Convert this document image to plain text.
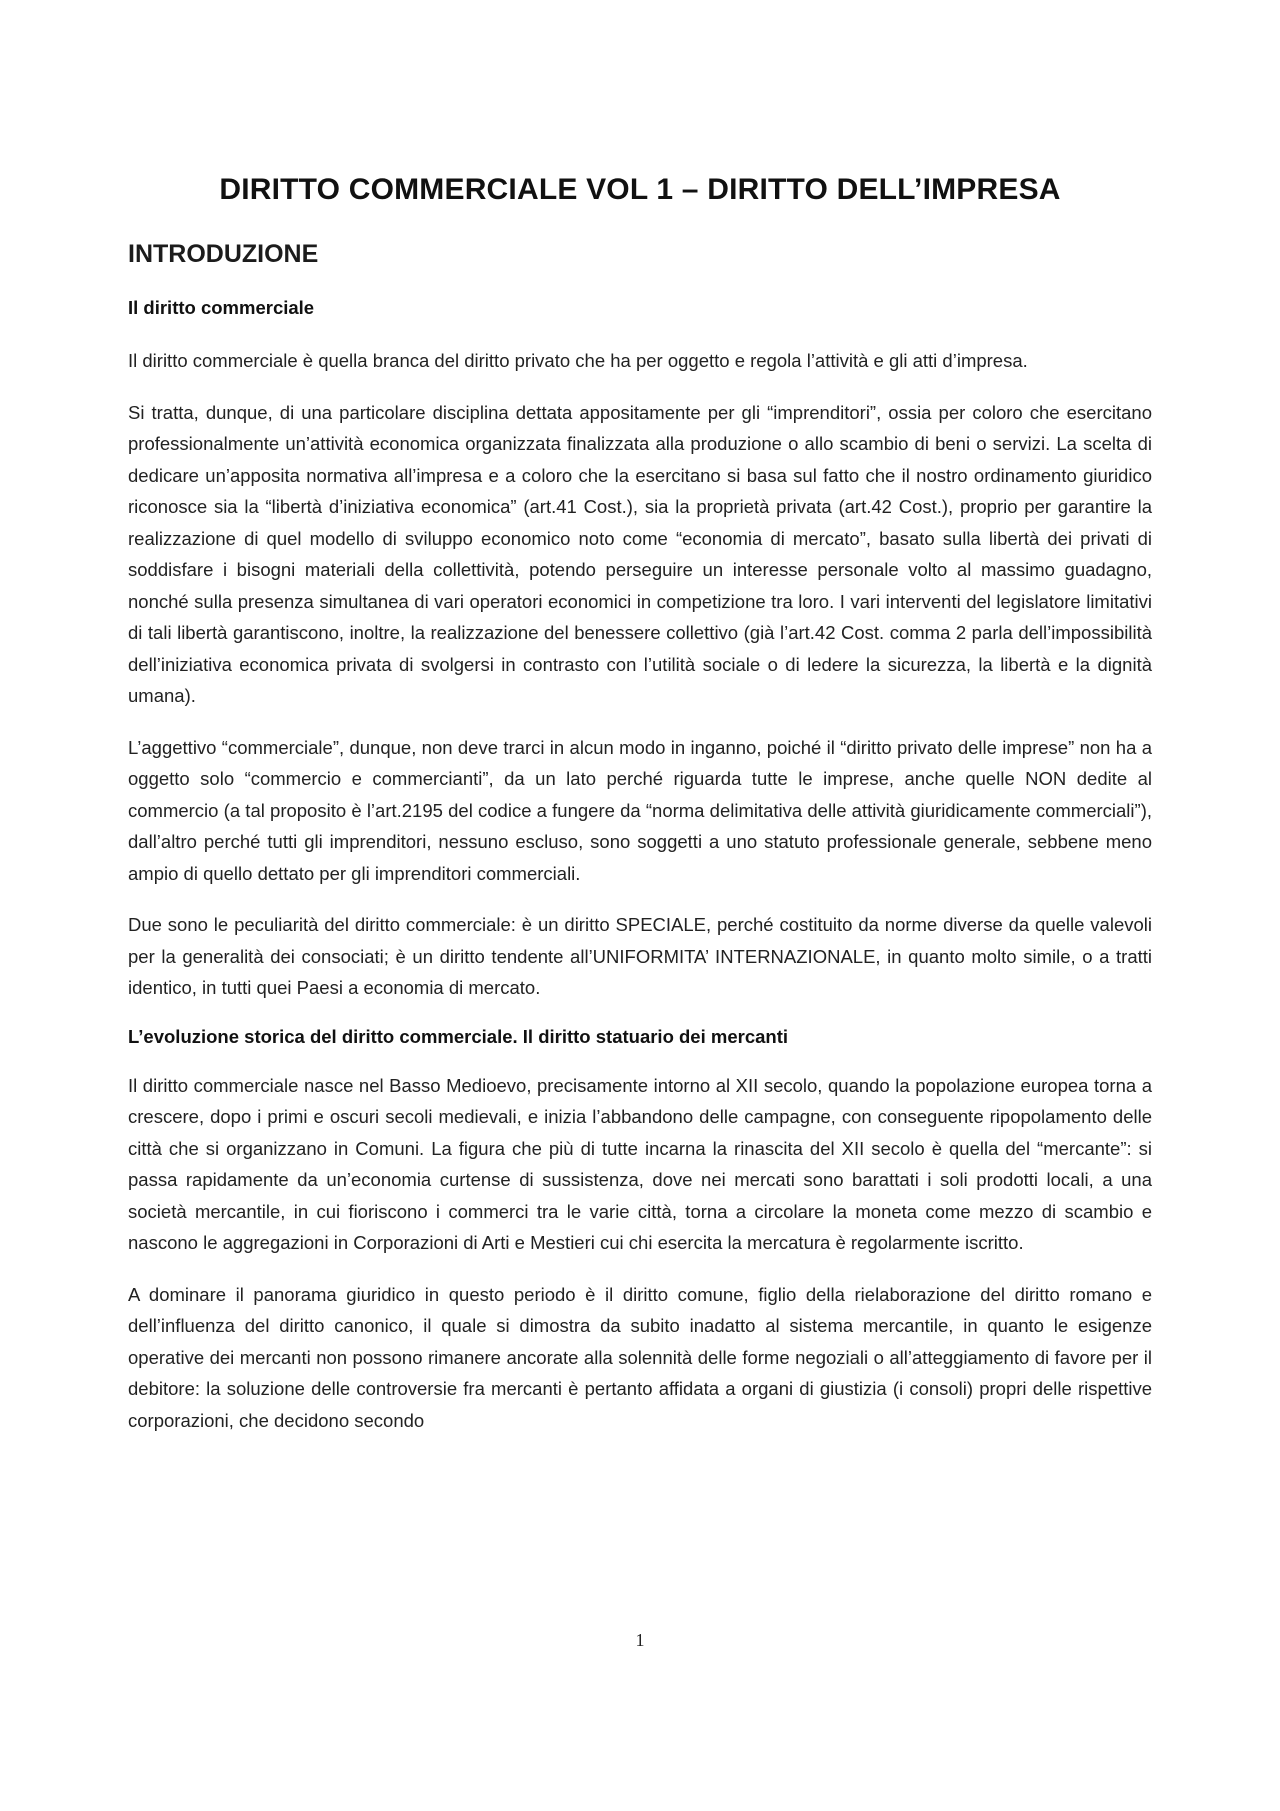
DIRITTO COMMERCIALE VOL 1 – DIRITTO DELL’IMPRESA
INTRODUZIONE
Il diritto commerciale

Il diritto commerciale è quella branca del diritto privato che ha per oggetto e regola l’attività e gli atti d’impresa.

Si tratta, dunque, di una particolare disciplina dettata appositamente per gli “imprenditori”, ossia per coloro che esercitano professionalmente un’attività economica organizzata finalizzata alla produzione o allo scambio di beni o servizi. La scelta di dedicare un’apposita normativa all’impresa e a coloro che la esercitano si basa sul fatto che il nostro ordinamento giuridico riconosce sia la “libertà d’iniziativa economica” (art.41 Cost.), sia la proprietà privata (art.42 Cost.), proprio per garantire la realizzazione di quel modello di sviluppo economico noto come “economia di mercato”, basato sulla libertà dei privati di soddisfare i bisogni materiali della collettività, potendo perseguire un interesse personale volto al massimo guadagno, nonché sulla presenza simultanea di vari operatori economici in competizione tra loro. I vari interventi del legislatore limitativi di tali libertà garantiscono, inoltre, la realizzazione del benessere collettivo (già l’art.42 Cost. comma 2 parla dell’impossibilità dell’iniziativa economica privata di svolgersi in contrasto con l’utilità sociale o di ledere la sicurezza, la libertà e la dignità umana).

L’aggettivo “commerciale”, dunque, non deve trarci in alcun modo in inganno, poiché il “diritto privato delle imprese” non ha a oggetto solo “commercio e commercianti”, da un lato perché riguarda tutte le imprese, anche quelle NON dedite al commercio (a tal proposito è l’art.2195 del codice a fungere da “norma delimitativa delle attività giuridicamente commerciali”), dall’altro perché tutti gli imprenditori, nessuno escluso, sono soggetti a uno statuto professionale generale, sebbene meno ampio di quello dettato per gli imprenditori commerciali.

Due sono le peculiarità del diritto commerciale: è un diritto SPECIALE, perché costituito da norme diverse da quelle valevoli per la generalità dei consociati; è un diritto tendente all’UNIFORMITA’ INTERNAZIONALE, in quanto molto simile, o a tratti identico, in tutti quei Paesi a economia di mercato.

L’evoluzione storica del diritto commerciale. Il diritto statuario dei mercanti

Il diritto commerciale nasce nel Basso Medioevo, precisamente intorno al XII secolo, quando la popolazione europea torna a crescere, dopo i primi e oscuri secoli medievali, e inizia l’abbandono delle campagne, con conseguente ripopolamento delle città che si organizzano in Comuni. La figura che più di tutte incarna la rinascita del XII secolo è quella del “mercante”: si passa rapidamente da un’economia curtense di sussistenza, dove nei mercati sono barattati i soli prodotti locali, a una società mercantile, in cui fioriscono i commerci tra le varie città, torna a circolare la moneta come mezzo di scambio e nascono le aggregazioni in Corporazioni di Arti e Mestieri cui chi esercita la mercatura è regolarmente iscritto.

A dominare il panorama giuridico in questo periodo è il diritto comune, figlio della rielaborazione del diritto romano e dell’influenza del diritto canonico, il quale si dimostra da subito inadatto al sistema mercantile, in quanto le esigenze operative dei mercanti non possono rimanere ancorate alla solennità delle forme negoziali o all’atteggiamento di favore per il debitore: la soluzione delle controversie fra mercanti è pertanto affidata a organi di giustizia (i consoli) propri delle rispettive corporazioni, che decidono secondo

1
